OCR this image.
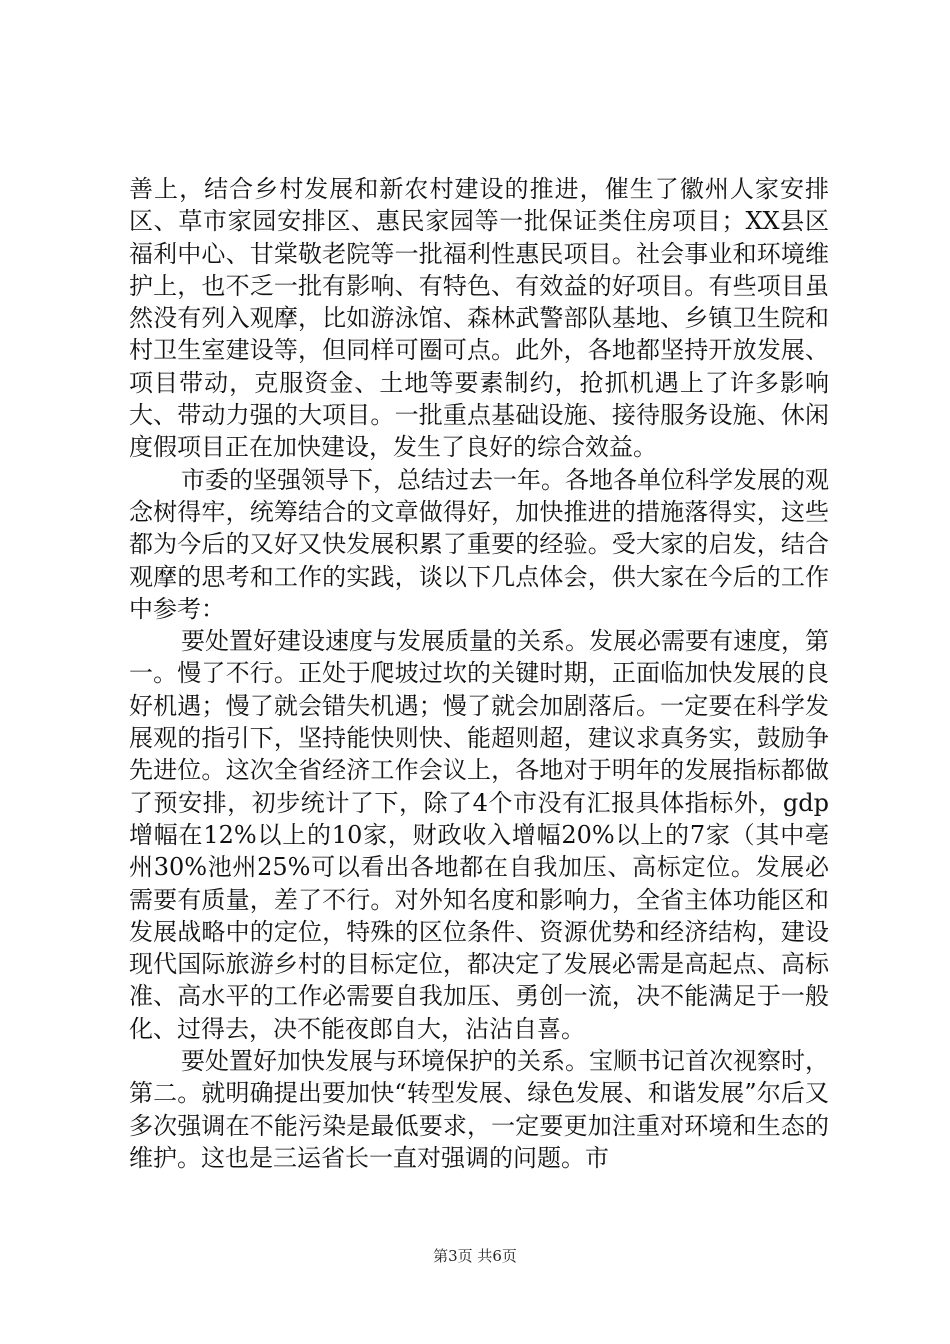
善上，结合乡村发展和新农村建设的推进，催生了徽州人家安排区、草市家园安排区、惠民家园等一批保证类住房项目；XX县区福利中心、甘棠敬老院等一批福利性惠民项目。社会事业和环境维护上，也不乏一批有影响、有特色、有效益的好项目。有些项目虽然没有列入观摩，比如游泳馆、森林武警部队基地、乡镇卫生院和村卫生室建设等，但同样可圈可点。此外，各地都坚持开放发展、项目带动，克服资金、土地等要素制约，抢抓机遇上了许多影响大、带动力强的大项目。一批重点基础设施、接待服务设施、休闲度假项目正在加快建设，发生了良好的综合效益。

市委的坚强领导下，总结过去一年。各地各单位科学发展的观念树得牢，统筹结合的文章做得好，加快推进的措施落得实，这些都为今后的又好又快发展积累了重要的经验。受大家的启发，结合观摩的思考和工作的实践，谈以下几点体会，供大家在今后的工作中参考：

要处置好建设速度与发展质量的关系。发展必需要有速度，第一。慢了不行。正处于爬坡过坎的关键时期，正面临加快发展的良好机遇；慢了就会错失机遇；慢了就会加剧落后。一定要在科学发展观的指引下，坚持能快则快、能超则超，建议求真务实，鼓励争先进位。这次全省经济工作会议上，各地对于明年的发展指标都做了预安排，初步统计了下，除了4个市没有汇报具体指标外，gdp增幅在12%以上的10家，财政收入增幅20%以上的7家（其中亳州30%池州25%可以看出各地都在自我加压、高标定位。发展必需要有质量，差了不行。对外知名度和影响力，全省主体功能区和发展战略中的定位，特殊的区位条件、资源优势和经济结构，建设现代国际旅游乡村的目标定位，都决定了发展必需是高起点、高标准、高水平的工作必需要自我加压、勇创一流，决不能满足于一般化、过得去，决不能夜郎自大，沾沾自喜。

要处置好加快发展与环境保护的关系。宝顺书记首次视察时，第二。就明确提出要加快“转型发展、绿色发展、和谐发展”尔后又多次强调在不能污染是最低要求，一定要更加注重对环境和生态的维护。这也是三运省长一直对强调的问题。市

第3页 共6页
